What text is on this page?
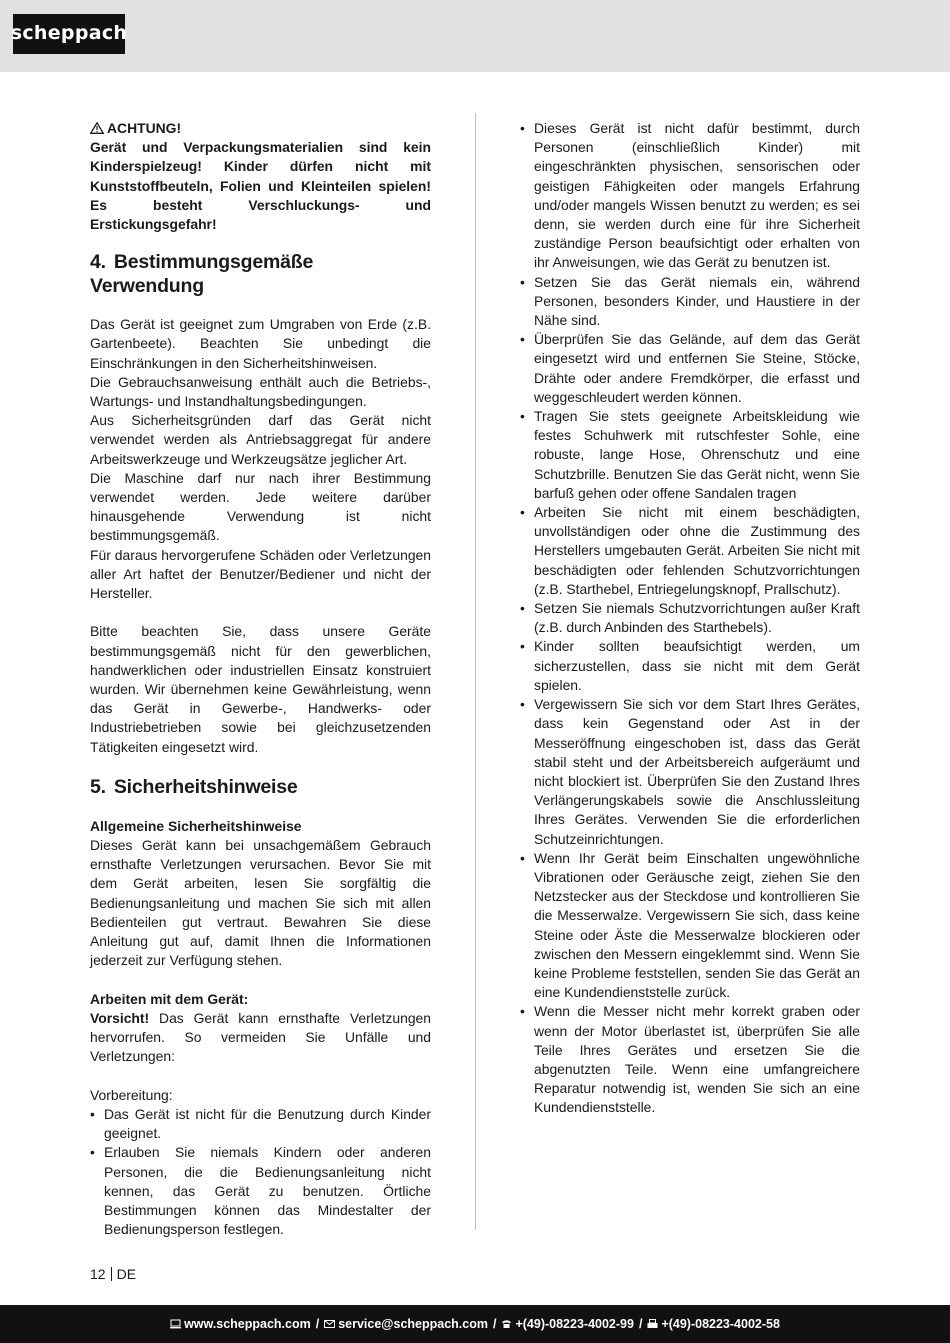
scheppach

ACHTUNG!

Gerät und Verpackungsmaterialien sind kein Kinderspielzeug! Kinder dürfen nicht mit Kunststoffbeuteln, Folien und Kleinteilen spielen! Es besteht Verschluckungs- und Erstickungsgefahr!

4. Bestimmungsgemäße Verwendung

Das Gerät ist geeignet zum Umgraben von Erde (z.B. Gartenbeete). Beachten Sie unbedingt die Einschränkungen in den Sicherheitshinweisen.

Die Gebrauchsanweisung enthält auch die Betriebs-, Wartungs- und Instandhaltungsbedingungen.

Aus Sicherheitsgründen darf das Gerät nicht verwendet werden als Antriebsaggregat für andere Arbeitswerkzeuge und Werkzeugsätze jeglicher Art.

Die Maschine darf nur nach ihrer Bestimmung verwendet werden. Jede weitere darüber hinausgehende Verwendung ist nicht bestimmungsgemäß.

Für daraus hervorgerufene Schäden oder Verletzungen aller Art haftet der Benutzer/Bediener und nicht der Hersteller.

Bitte beachten Sie, dass unsere Geräte bestimmungsgemäß nicht für den gewerblichen, handwerklichen oder industriellen Einsatz konstruiert wurden. Wir übernehmen keine Gewährleistung, wenn das Gerät in Gewerbe-, Handwerks- oder Industriebetrieben sowie bei gleichzusetzenden Tätigkeiten eingesetzt wird.

5. Sicherheitshinweise

Allgemeine Sicherheitshinweise

Dieses Gerät kann bei unsachgemäßem Gebrauch ernsthafte Verletzungen verursachen. Bevor Sie mit dem Gerät arbeiten, lesen Sie sorgfältig die Bedienungsanleitung und machen Sie sich mit allen Bedienteilen gut vertraut. Bewahren Sie diese Anleitung gut auf, damit Ihnen die Informationen jederzeit zur Verfügung stehen.

Arbeiten mit dem Gerät:

Vorsicht! Das Gerät kann ernsthafte Verletzungen hervorrufen. So vermeiden Sie Unfälle und Verletzungen:

Vorbereitung:

• Das Gerät ist nicht für die Benutzung durch Kinder geeignet.
• Erlauben Sie niemals Kindern oder anderen Personen, die die Bedienungsanleitung nicht kennen, das Gerät zu benutzen. Örtliche Bestimmungen können das Mindestalter der Bedienungsperson festlegen.
• Dieses Gerät ist nicht dafür bestimmt, durch Personen (einschließlich Kinder) mit eingeschränkten physischen, sensorischen oder geistigen Fähigkeiten oder mangels Erfahrung und/oder mangels Wissen benutzt zu werden; es sei denn, sie werden durch eine für ihre Sicherheit zuständige Person beaufsichtigt oder erhalten von ihr Anweisungen, wie das Gerät zu benutzen ist.
• Setzen Sie das Gerät niemals ein, während Personen, besonders Kinder, und Haustiere in der Nähe sind.
• Überprüfen Sie das Gelände, auf dem das Gerät eingesetzt wird und entfernen Sie Steine, Stöcke, Drähte oder andere Fremdkörper, die erfasst und weggeschleudert werden können.
• Tragen Sie stets geeignete Arbeitskleidung wie festes Schuhwerk mit rutschfester Sohle, eine robuste, lange Hose, Ohrenschutz und eine Schutzbrille. Benutzen Sie das Gerät nicht, wenn Sie barfuß gehen oder offene Sandalen tragen
• Arbeiten Sie nicht mit einem beschädigten, unvollständigen oder ohne die Zustimmung des Herstellers umgebauten Gerät. Arbeiten Sie nicht mit beschädigten oder fehlenden Schutzvorrichtungen (z.B. Starthebel, Entriegelungsknopf, Prallschutz).
• Setzen Sie niemals Schutzvorrichtungen außer Kraft (z.B. durch Anbinden des Starthebels).
• Kinder sollten beaufsichtigt werden, um sicherzustellen, dass sie nicht mit dem Gerät spielen.
• Vergewissern Sie sich vor dem Start Ihres Gerätes, dass kein Gegenstand oder Ast in der Messeröffnung eingeschoben ist, dass das Gerät stabil steht und der Arbeitsbereich aufgeräumt und nicht blockiert ist. Überprüfen Sie den Zustand Ihres Verlängerungskabels sowie die Anschlussleitung Ihres Gerätes. Verwenden Sie die erforderlichen Schutzeinrichtungen.
• Wenn Ihr Gerät beim Einschalten ungewöhnliche Vibrationen oder Geräusche zeigt, ziehen Sie den Netzstecker aus der Steckdose und kontrollieren Sie die Messerwalze. Vergewissern Sie sich, dass keine Steine oder Äste die Messerwalze blockieren oder zwischen den Messern eingeklemmt sind. Wenn Sie keine Probleme feststellen, senden Sie das Gerät an eine Kundendienststelle zurück.
• Wenn die Messer nicht mehr korrekt graben oder wenn der Motor überlastet ist, überprüfen Sie alle Teile Ihres Gerätes und ersetzen Sie die abgenutzten Teile. Wenn eine umfangreichere Reparatur notwendig ist, wenden Sie sich an eine Kundendienststelle.
12 DE
www.scheppach.com / service@scheppach.com / +(49)-08223-4002-99 / +(49)-08223-4002-58
